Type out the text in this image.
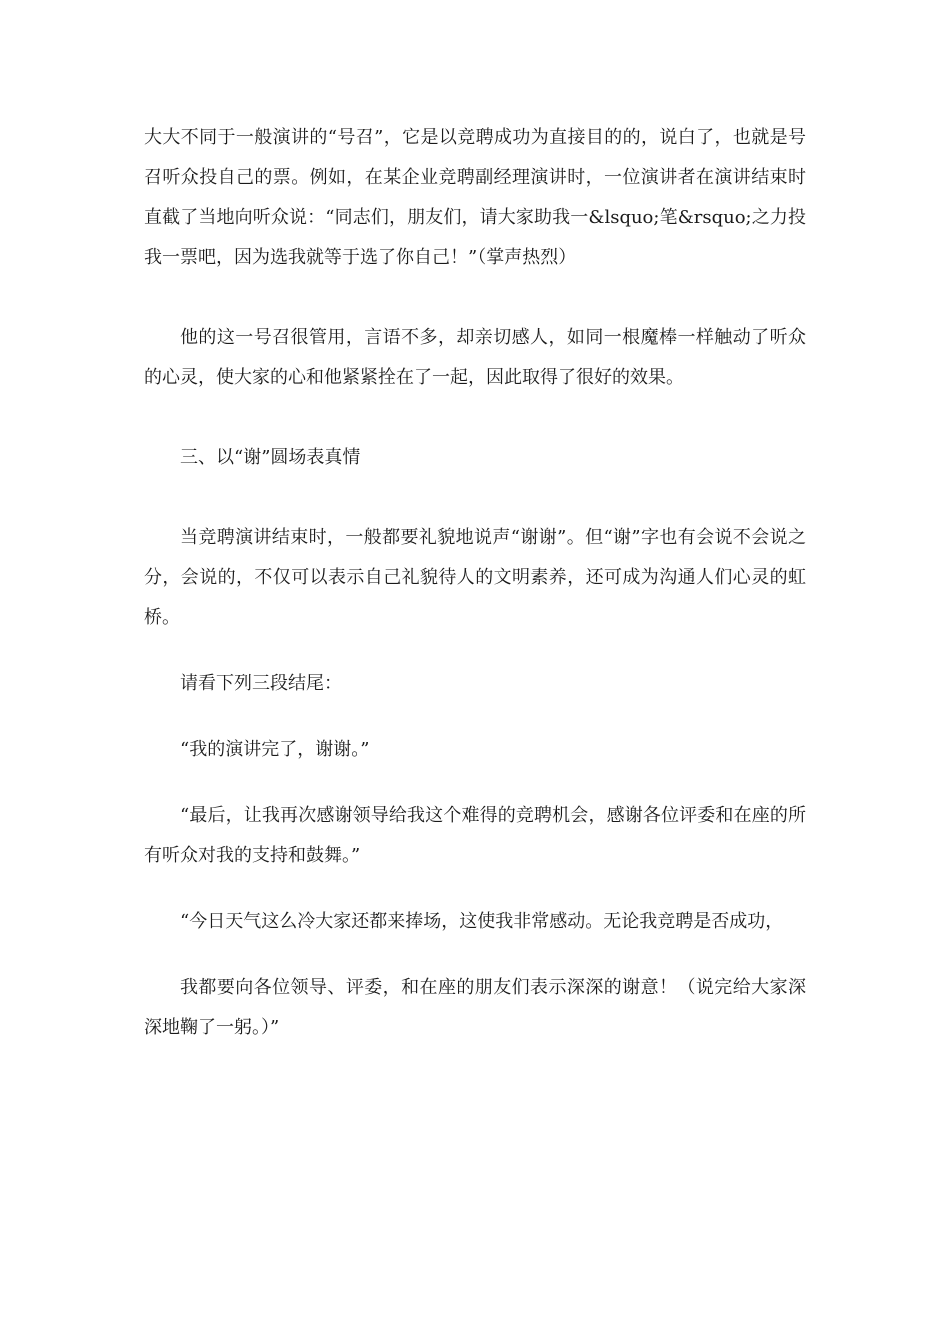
大大不同于一般演讲的“号召”，它是以竞聘成功为直接目的的，说白了，也就是号召听众投自己的票。例如，在某企业竞聘副经理演讲时，一位演讲者在演讲结束时直截了当地向听众说：“同志们，朋友们，请大家助我一&lsquo;笔&rsquo;之力投我一票吧，因为选我就等于选了你自己！”（掌声热烈）

他的这一号召很管用，言语不多，却亲切感人，如同一根魔棒一样触动了听众的心灵，使大家的心和他紧紧拴在了一起，因此取得了很好的效果。

三、以“谢”圆场表真情

当竞聘演讲结束时，一般都要礼貌地说声“谢谢”。但“谢”字也有会说不会说之分，会说的，不仅可以表示自己礼貌待人的文明素养，还可成为沟通人们心灵的虹桥。

请看下列三段结尾：

“我的演讲完了，谢谢。”

“最后，让我再次感谢领导给我这个难得的竞聘机会，感谢各位评委和在座的所有听众对我的支持和鼓舞。”

“今日天气这么冷大家还都来捧场，这使我非常感动。无论我竞聘是否成功，

我都要向各位领导、评委，和在座的朋友们表示深深的谢意！（说完给大家深深地鞠了一躬。）”
